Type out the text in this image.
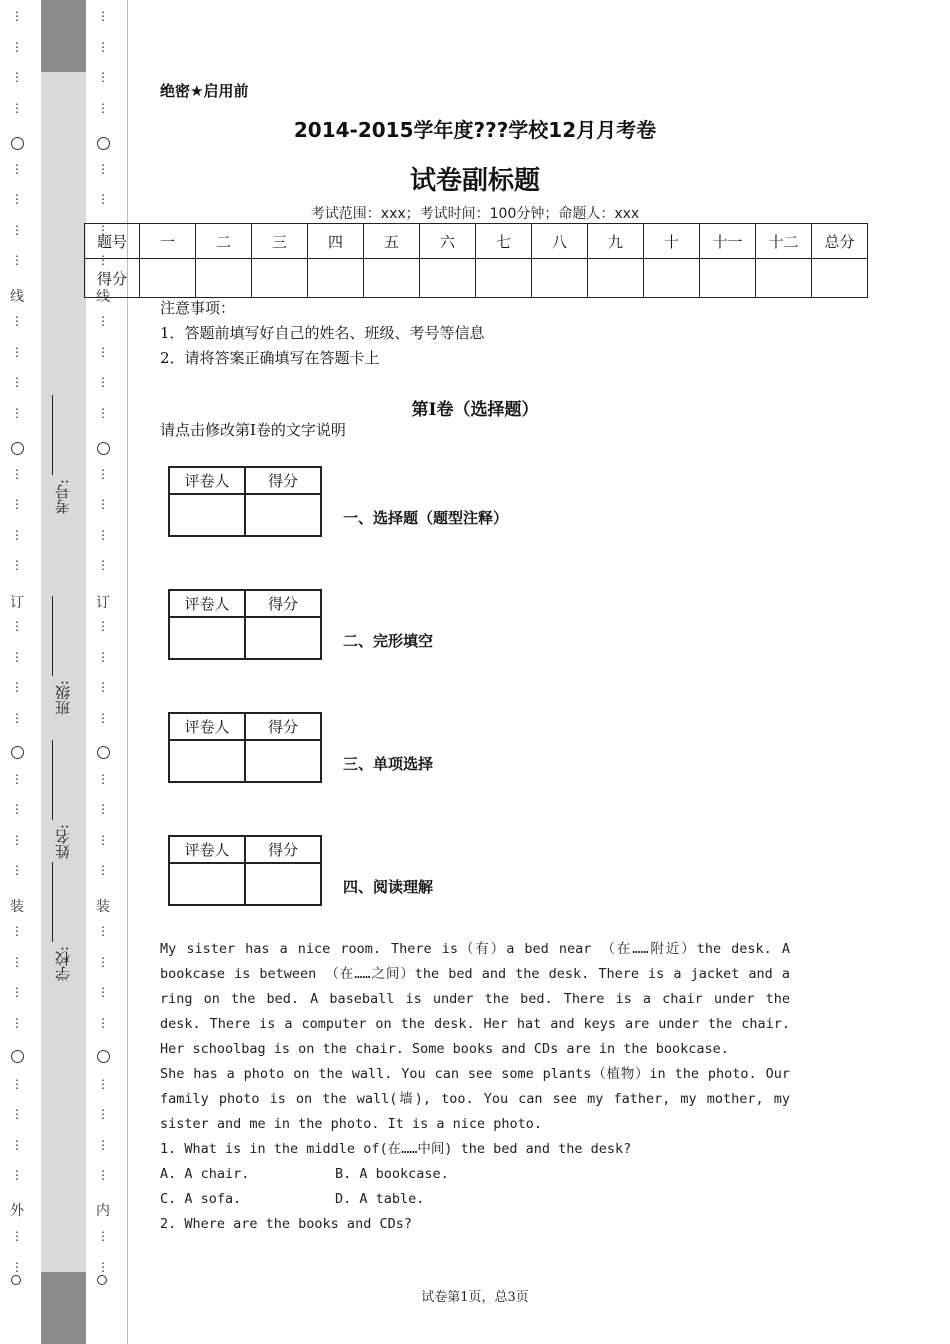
⋮
⋮
⋮
⋮
⋮
⋮
⋮
⋮
⋮
⋮
⋮
⋮
⋮
⋮
⋮
⋮
⋮
⋮
⋮
⋮
⋮
⋮
⋮
⋮
⋮
⋮
⋮
⋮
⋮
⋮
⋮
⋮
⋮
⋮
⋮
⋮
⋮
⋮
⋮
⋮
⋮
⋮
⋮
⋮
⋮
⋮
⋮
⋮
⋮
⋮
⋮
⋮
⋮
⋮
⋮
⋮
⋮
⋮
⋮
⋮
⋮
⋮
⋮
⋮
⋮
⋮
⋮
⋮
线
订
装
外
线
订
装
内
学校:
姓名:
班级:
考号:
绝密★启用前
2014-2015学年度???学校12月月考卷
试卷副标题
考试范围：xxx；考试时间：100分钟；命题人：xxx
题号	一	二	三	四	五	六	七	八	九	十	十一	十二	总分
得分													
注意事项：
1．答题前填写好自己的姓名、班级、考号等信息
2．请将答案正确填写在答题卡上
第I卷（选择题）
请点击修改第I卷的文字说明
评卷人	得分

一、选择题（题型注释）
评卷人	得分

二、完形填空
评卷人	得分

三、单项选择
评卷人	得分

四、阅读理解

My sister has a nice room. There is（有）a bed near （在……附近）the desk. A bookcase is between （在……之间）the bed and the desk. There is a jacket and a ring on the bed. A baseball is under the bed. There is a chair under the desk. There is a computer on the desk. Her hat and keys are under the chair. Her schoolbag is on the chair. Some books and CDs are in the bookcase.

She has a photo on the wall. You can see some plants（植物）in the photo. Our family photo is on the wall(墙), too. You can see my father, my mother, my sister and me in the photo. It is a nice photo.

1. What is in the middle of(在……中间) the bed and the desk?

A. A chair.	B. A bookcase.

C. A sofa.	D. A table.

2. Where are the books and CDs?

试卷第1页，总3页
